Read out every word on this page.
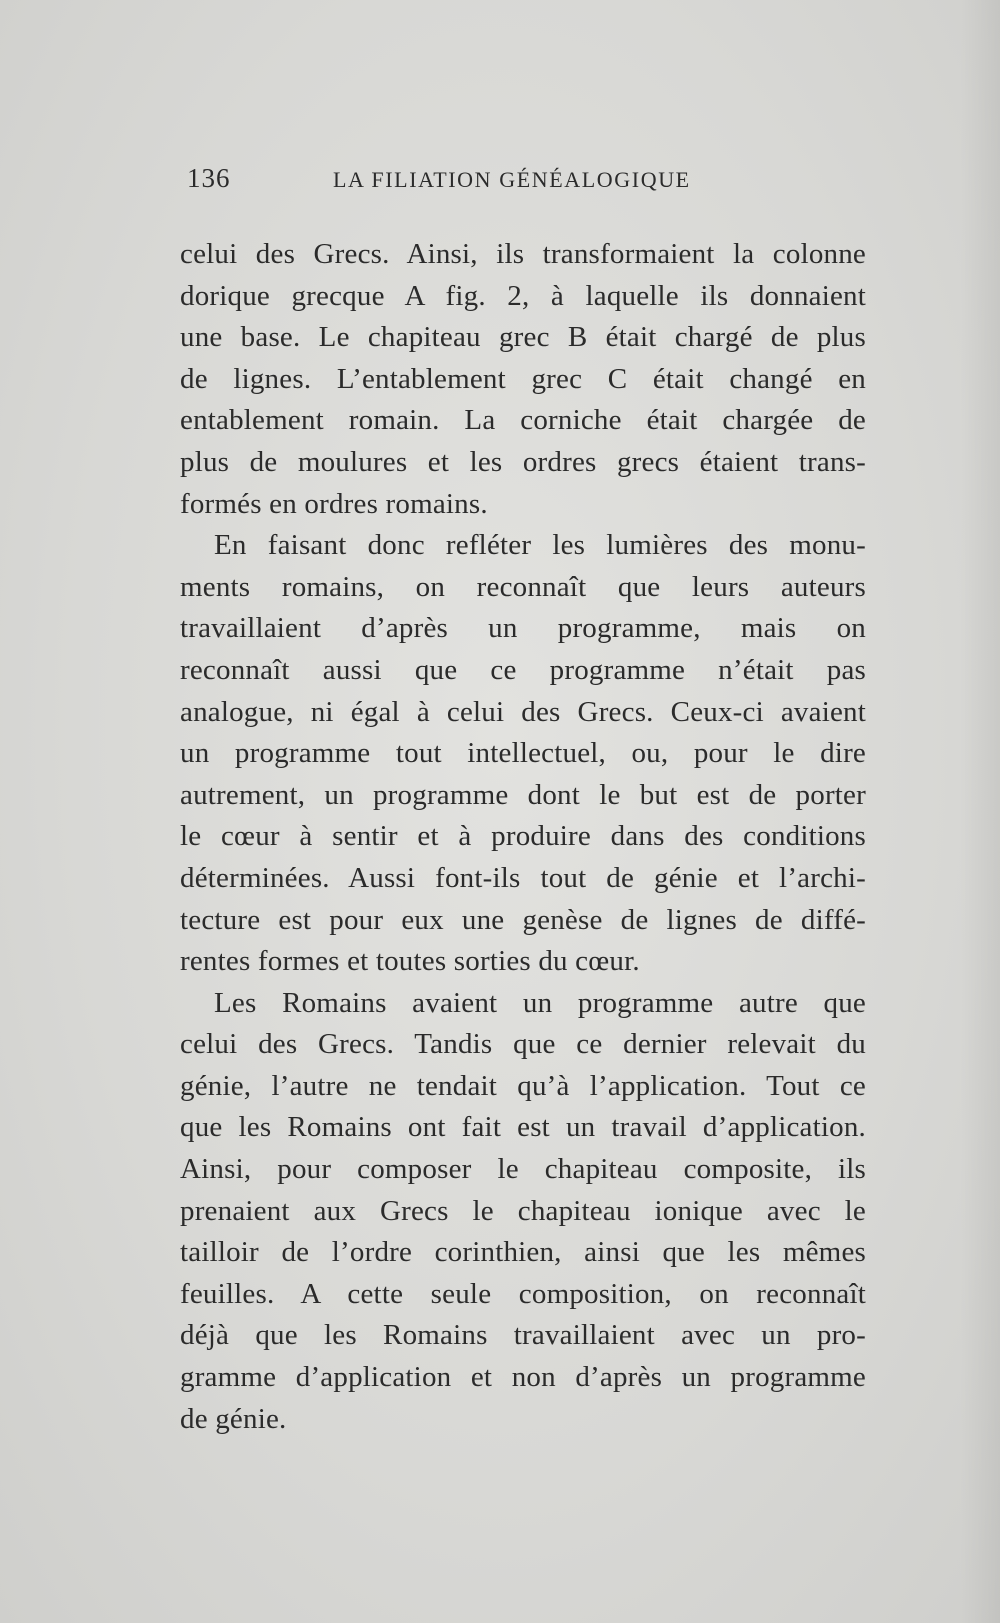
136	LA FILIATION GÉNÉALOGIQUE
celui des Grecs. Ainsi, ils transformaient la colonne
dorique grecque A fig. 2, à laquelle ils donnaient
une base. Le chapiteau grec B était chargé de plus
de lignes. L’entablement grec C était changé en
entablement romain. La corniche était chargée de
plus de moulures et les ordres grecs étaient trans-
formés en ordres romains.
En faisant donc refléter les lumières des monu-
ments romains, on reconnaît que leurs auteurs
travaillaient d’après un programme, mais on
reconnaît aussi que ce programme n’était pas
analogue, ni égal à celui des Grecs. Ceux-ci avaient
un programme tout intellectuel, ou, pour le dire
autrement, un programme dont le but est de porter
le cœur à sentir et à produire dans des conditions
déterminées. Aussi font-ils tout de génie et l’archi-
tecture est pour eux une genèse de lignes de diffé-
rentes formes et toutes sorties du cœur.
Les Romains avaient un programme autre que
celui des Grecs. Tandis que ce dernier relevait du
génie, l’autre ne tendait qu’à l’application. Tout ce
que les Romains ont fait est un travail d’application.
Ainsi, pour composer le chapiteau composite, ils
prenaient aux Grecs le chapiteau ionique avec le
tailloir de l’ordre corinthien, ainsi que les mêmes
feuilles. A cette seule composition, on reconnaît
déjà que les Romains travaillaient avec un pro-
gramme d’application et non d’après un programme
de génie.
